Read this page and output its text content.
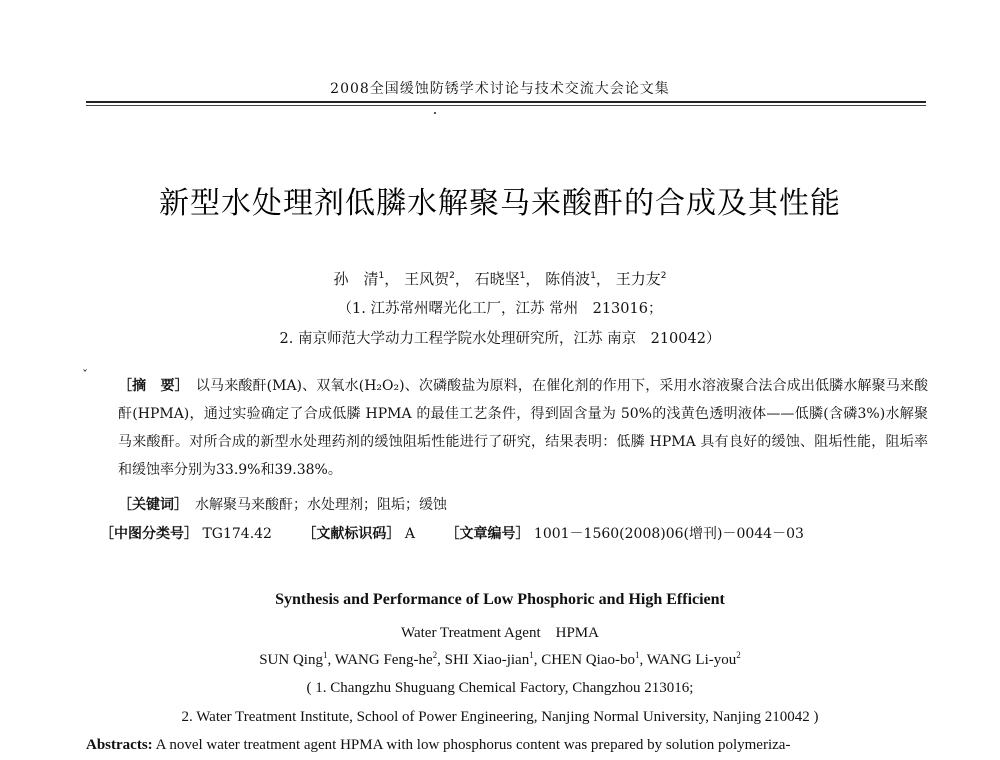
2008全国缓蚀防锈学术讨论与技术交流大会论文集
新型水处理剂低膦水解聚马来酸酐的合成及其性能
孙　清$^1$， 王风贺$^2$， 石晓坚$^1$， 陈俏波$^1$， 王力友$^2$
（1. 江苏常州曙光化工厂，江苏 常州　213016；
2. 南京师范大学动力工程学院水处理研究所，江苏 南京　210042）
ˇ
［摘　要］　 以马来酸酐(MA)、双氧水(H₂O₂)、次磷酸盐为原料，在催化剂的作用下，采用水溶液聚合法合成出低膦水解聚马来酸酐(HPMA)，通过实验确定了合成低膦 HPMA 的最佳工艺条件，得到固含量为 50%的浅黄色透明液体——低膦(含磷3%)水解聚马来酸酐。对所合成的新型水处理药剂的缓蚀阻垢性能进行了研究，结果表明：低膦 HPMA 具有良好的缓蚀、阻垢性能，阻垢率和缓蚀率分别为33.9%和39.38%。
［关键词］　 水解聚马来酸酐；水处理剂；阻垢；缓蚀
［中图分类号］ TG174.42 ［文献标识码］ A ［文章编号］ 1001－1560(2008)06(增刊)－0044－03
Synthesis and Performance of Low Phosphoric and High Efficient
Water Treatment Agent　HPMA
SUN Qing$^1$, WANG Feng-$he^2$, SHI Xiao-jian$^1$, CHEN Qiao-$bo^1$, WANG Li-you$^2$
( 1. Changzhu Shuguang Chemical Factory, Changzhou 213016;
2. Water Treatment Institute, School of Power Engineering, Nanjing Normal University, Nanjing 210042 )
Abstracts: A novel water treatment agent HPMA with low phosphorus content was prepared by solution polymeriza-
